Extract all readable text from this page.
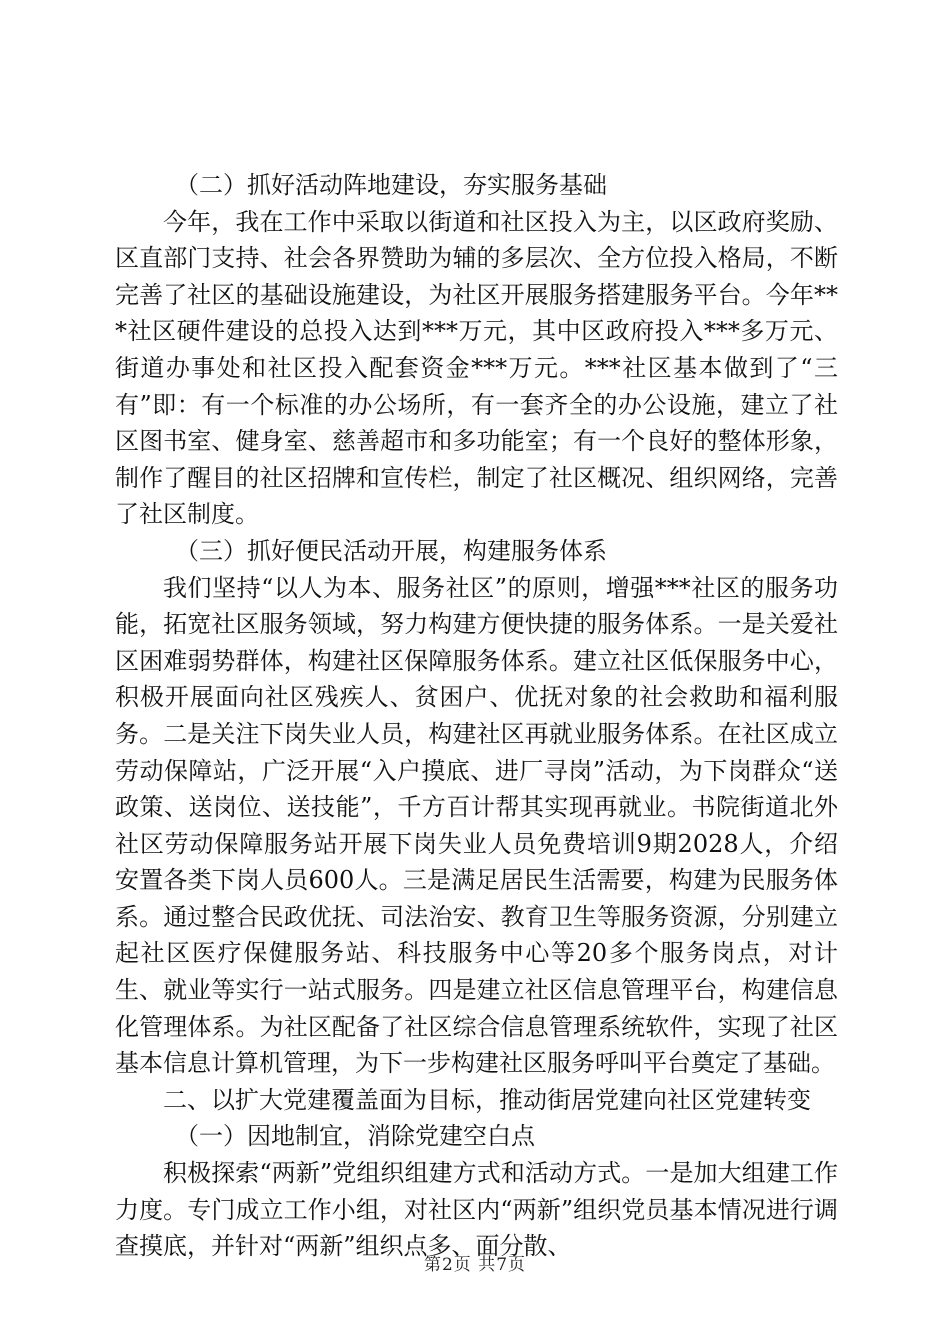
（二）抓好活动阵地建设，夯实服务基础

今年，我在工作中采取以街道和社区投入为主，以区政府奖励、区直部门支持、社会各界赞助为辅的多层次、全方位投入格局，不断完善了社区的基础设施建设，为社区开展服务搭建服务平台。今年***社区硬件建设的总投入达到***万元，其中区政府投入***多万元、街道办事处和社区投入配套资金***万元。***社区基本做到了“三有”即：有一个标准的办公场所，有一套齐全的办公设施，建立了社区图书室、健身室、慈善超市和多功能室；有一个良好的整体形象，制作了醒目的社区招牌和宣传栏，制定了社区概况、组织网络，完善了社区制度。

（三）抓好便民活动开展，构建服务体系

我们坚持“以人为本、服务社区”的原则，增强***社区的服务功能，拓宽社区服务领域，努力构建方便快捷的服务体系。一是关爱社区困难弱势群体，构建社区保障服务体系。建立社区低保服务中心，积极开展面向社区残疾人、贫困户、优抚对象的社会救助和福利服务。二是关注下岗失业人员，构建社区再就业服务体系。在社区成立劳动保障站，广泛开展“入户摸底、进厂寻岗”活动，为下岗群众“送政策、送岗位、送技能”，千方百计帮其实现再就业。书院街道北外社区劳动保障服务站开展下岗失业人员免费培训9期2028人，介绍安置各类下岗人员600人。三是满足居民生活需要，构建为民服务体系。通过整合民政优抚、司法治安、教育卫生等服务资源，分别建立起社区医疗保健服务站、科技服务中心等20多个服务岗点，对计生、就业等实行一站式服务。四是建立社区信息管理平台，构建信息化管理体系。为社区配备了社区综合信息管理系统软件，实现了社区基本信息计算机管理，为下一步构建社区服务呼叫平台奠定了基础。

二、以扩大党建覆盖面为目标，推动街居党建向社区党建转变

（一）因地制宜，消除党建空白点

积极探索“两新”党组织组建方式和活动方式。一是加大组建工作力度。专门成立工作小组，对社区内“两新”组织党员基本情况进行调查摸底，并针对“两新”组织点多、面分散、

第2页 共7页
